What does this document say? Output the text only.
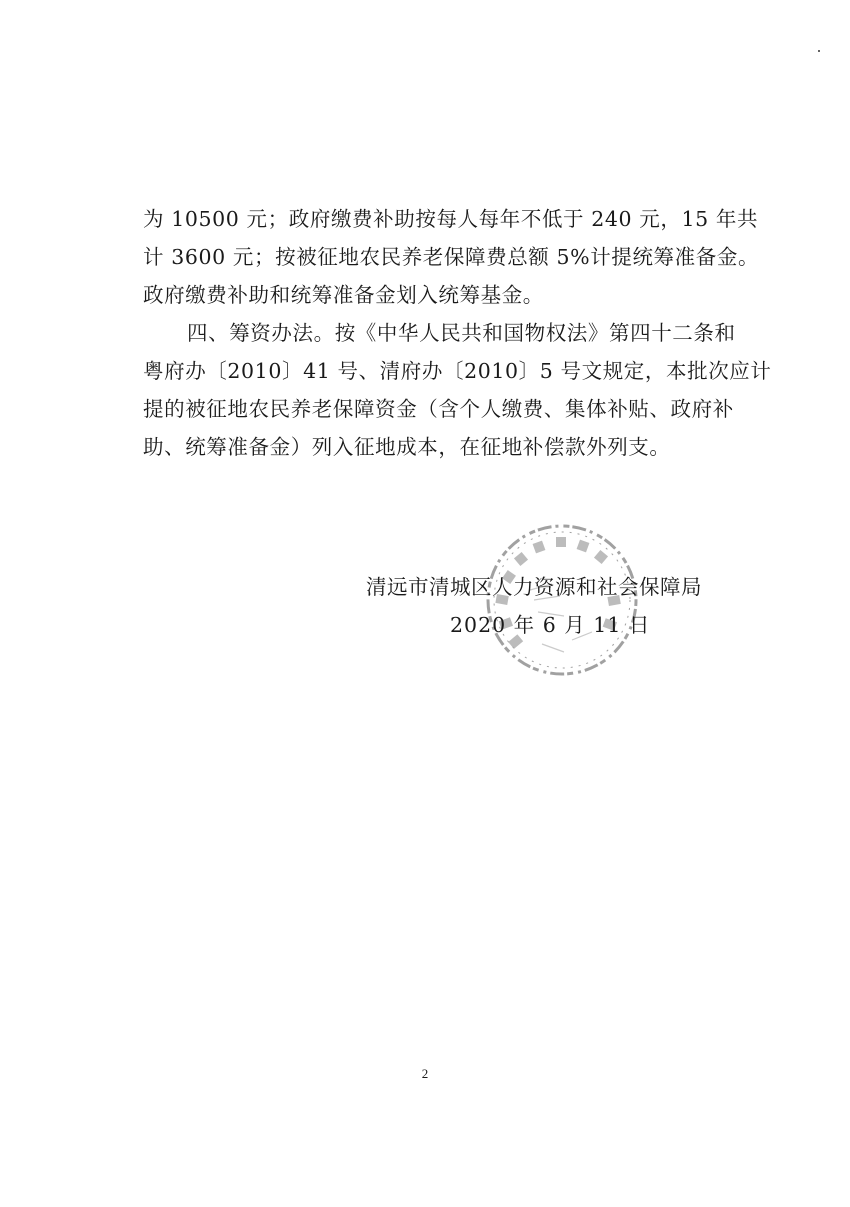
为 10500 元；政府缴费补助按每人每年不低于 240 元，15 年共
计 3600 元；按被征地农民养老保障费总额 5%计提统筹准备金。
政府缴费补助和统筹准备金划入统筹基金。
四、筹资办法。按《中华人民共和国物权法》第四十二条和
粤府办〔2010〕41 号、清府办〔2010〕5 号文规定，本批次应计
提的被征地农民养老保障资金（含个人缴费、集体补贴、政府补
助、统筹准备金）列入征地成本，在征地补偿款外列支。
清远市清城区人力资源和社会保障局
2020 年 6 月 11 日
2
